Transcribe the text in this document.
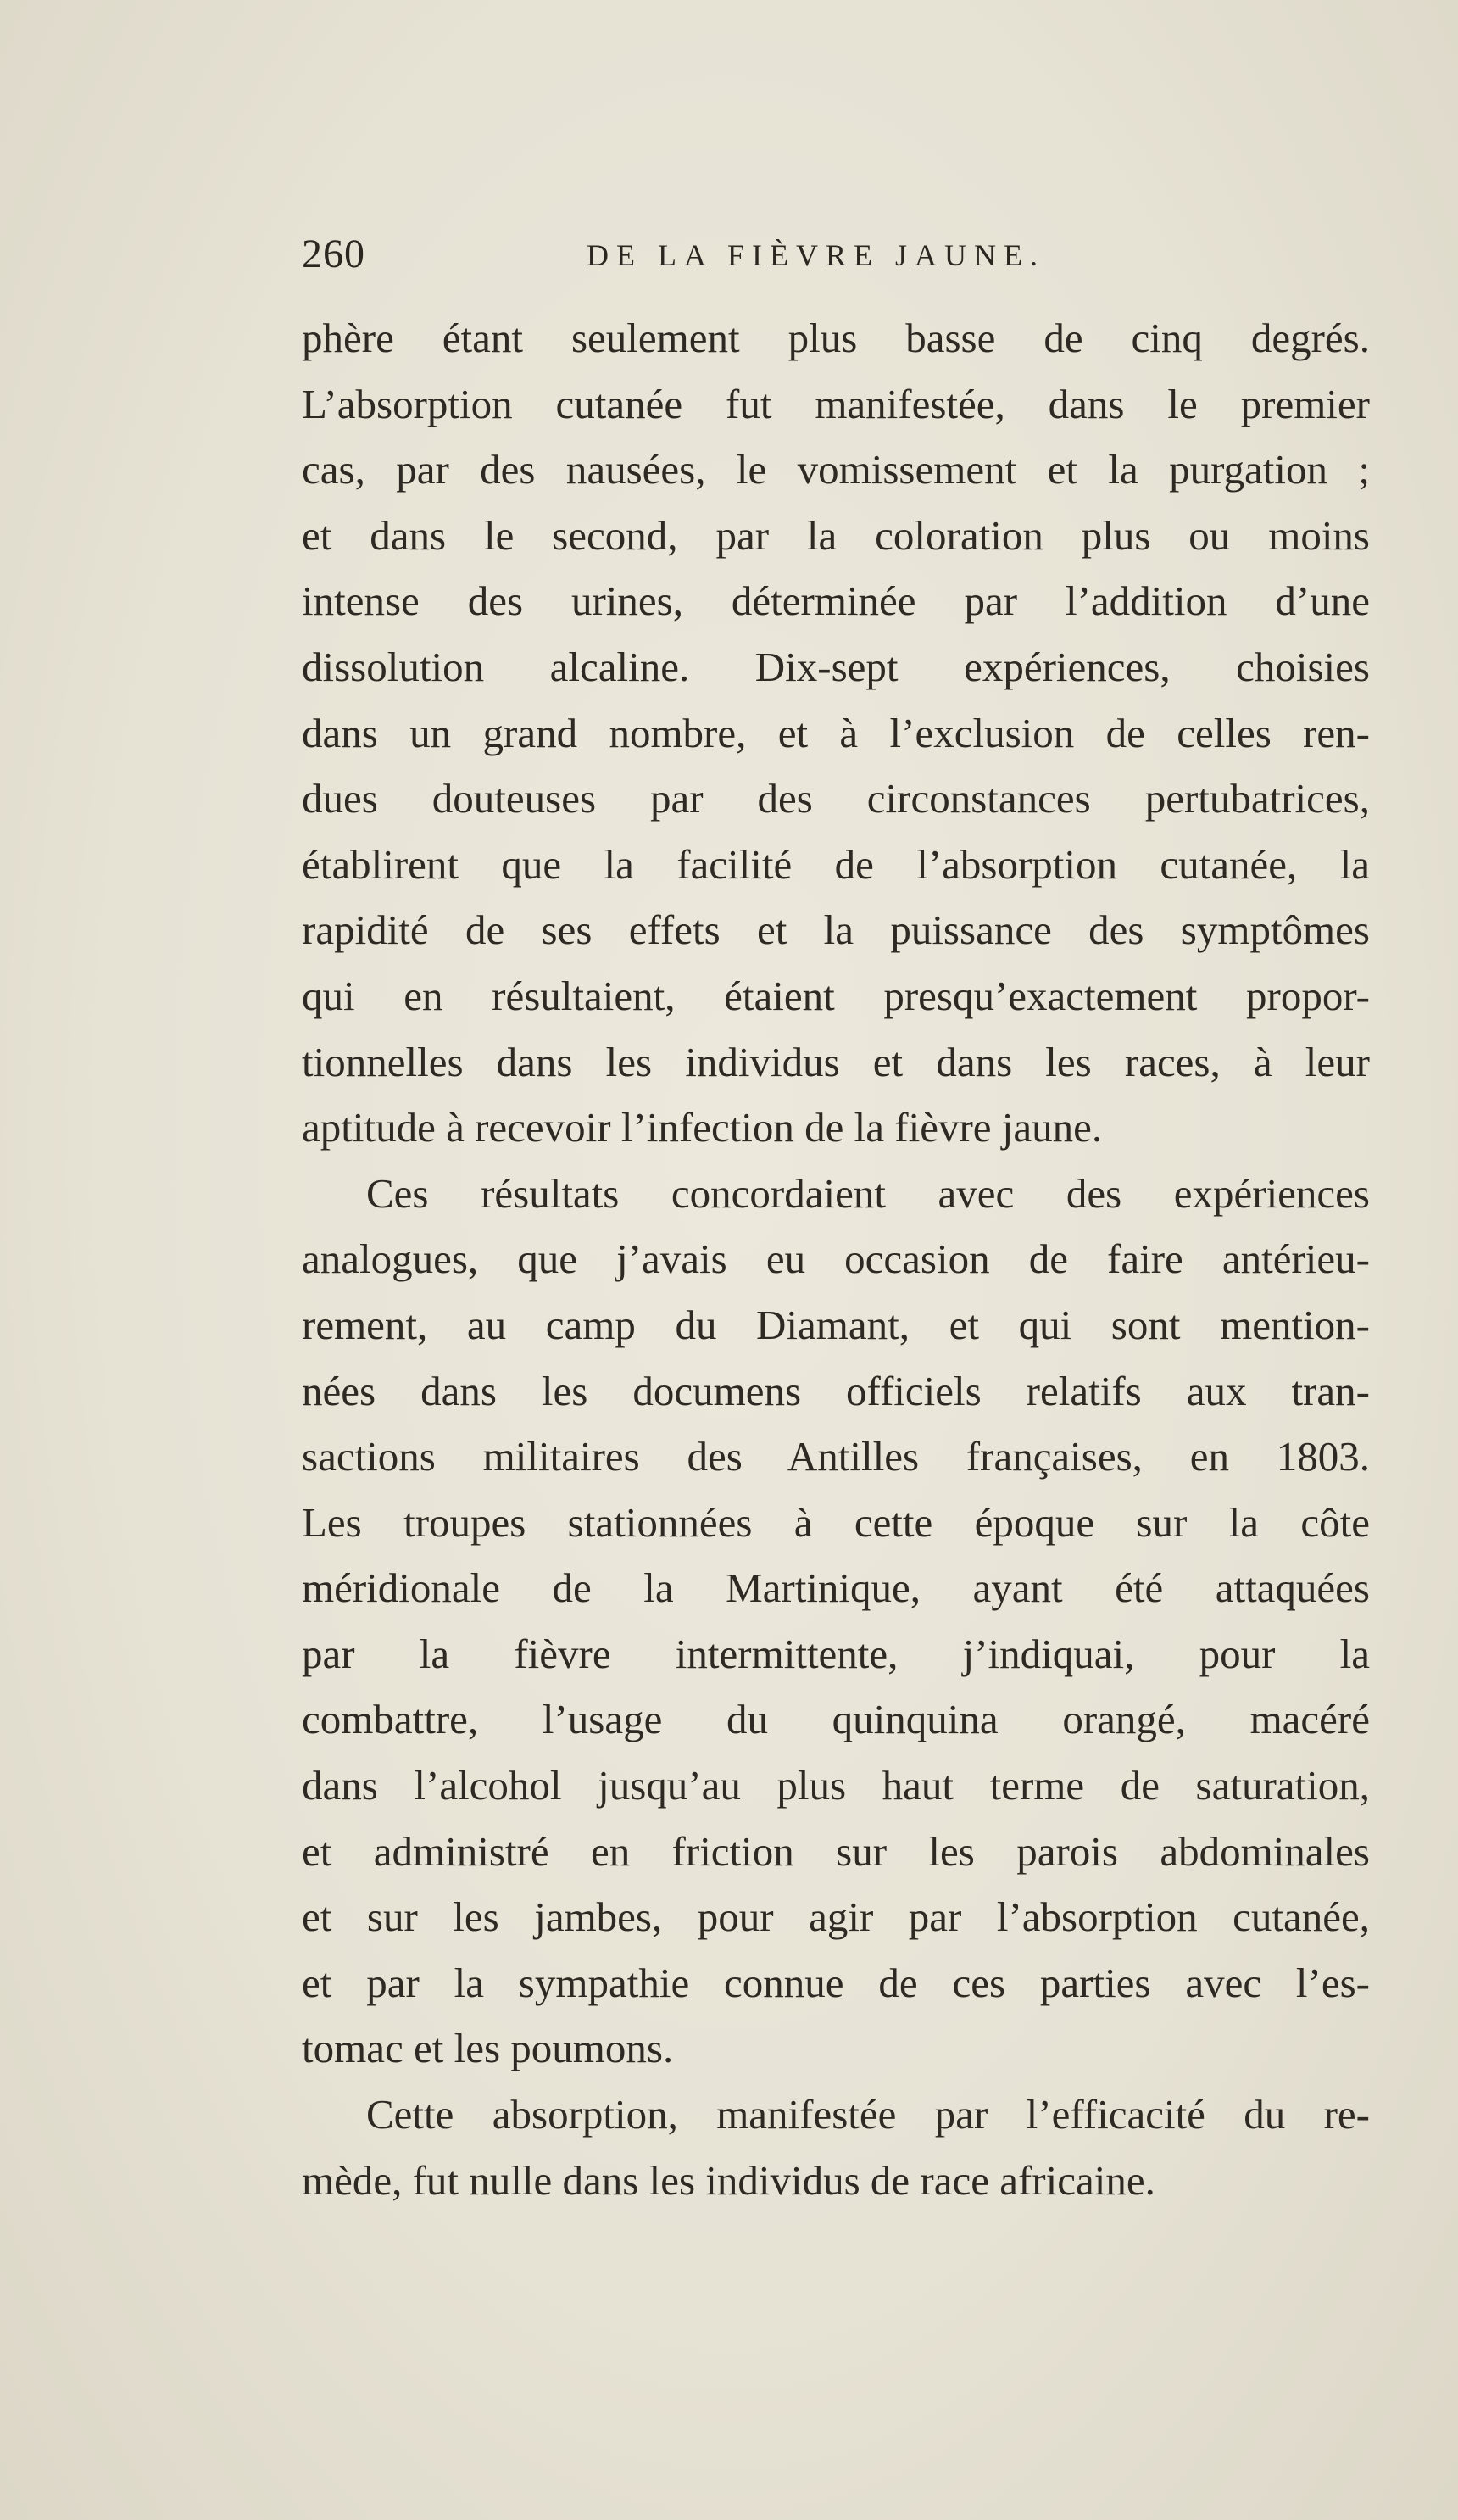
260	DE LA FIÈVRE JAUNE.
phère étant seulement plus basse de cinq degrés.
L’absorption cutanée fut manifestée, dans le premier
cas, par des nausées, le vomissement et la purgation ;
et dans le second, par la coloration plus ou moins
intense des urines, déterminée par l’addition d’une
dissolution alcaline. Dix-sept expériences, choisies
dans un grand nombre, et à l’exclusion de celles ren-
dues douteuses par des circonstances pertubatrices,
établirent que la facilité de l’absorption cutanée, la
rapidité de ses effets et la puissance des symptômes
qui en résultaient, étaient presqu’exactement propor-
tionnelles dans les individus et dans les races, à leur
aptitude à recevoir l’infection de la fièvre jaune.
Ces résultats concordaient avec des expériences
analogues, que j’avais eu occasion de faire antérieu-
rement, au camp du Diamant, et qui sont mention-
nées dans les documens officiels relatifs aux tran-
sactions militaires des Antilles françaises, en 1803.
Les troupes stationnées à cette époque sur la côte
méridionale de la Martinique, ayant été attaquées
par la fièvre intermittente, j’indiquai, pour la
combattre, l’usage du quinquina orangé, macéré
dans l’alcohol jusqu’au plus haut terme de saturation,
et administré en friction sur les parois abdominales
et sur les jambes, pour agir par l’absorption cutanée,
et par la sympathie connue de ces parties avec l’es-
tomac et les poumons.
Cette absorption, manifestée par l’efficacité du re-
mède, fut nulle dans les individus de race africaine.
